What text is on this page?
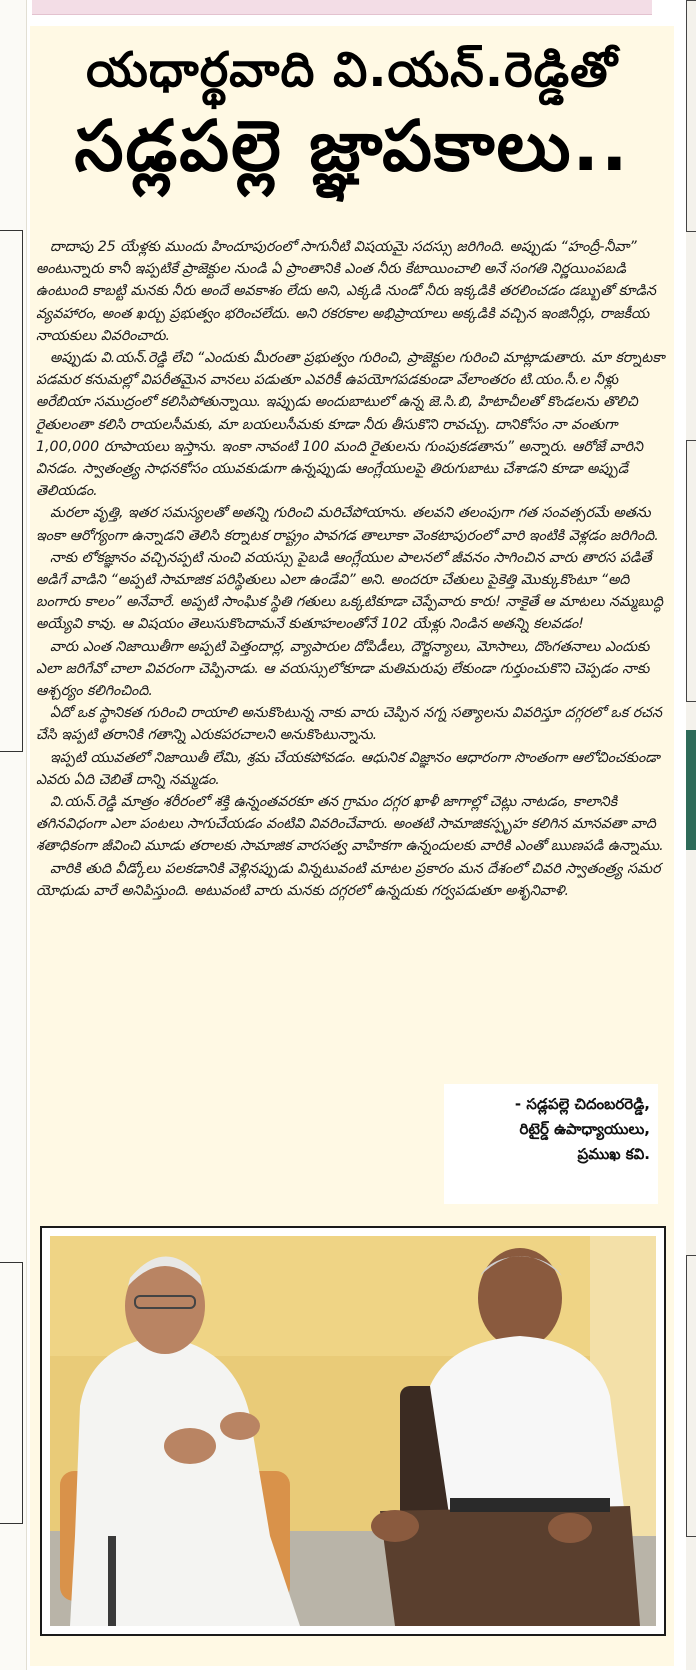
యధార్థవాది వి.యన్.రెడ్డితో
సడ్లపల్లె జ్ఞాపకాలు..

దాదాపు 25 యేళ్లకు ముందు హిందూపురంలో సాగునీటి విషయమై సదస్సు జరిగింది. అప్పుడు “హంద్రీ-నీవా” అంటున్నారు కానీ ఇప్పటికే ప్రాజెక్టుల నుండి ఏ ప్రాంతానికి ఎంత నీరు కేటాయించాలి అనే సంగతి నిర్ణయింపబడి ఉంటుంది కాబట్టి మనకు నీరు అందే అవకాశం లేదు అని, ఎక్కడి నుండో నీరు ఇక్కడికి తరలించడం డబ్బుతో కూడిన వ్యవహారం, అంత ఖర్చు ప్రభుత్వం భరించలేదు. అని రకరకాల అభిప్రాయాలు అక్కడికి వచ్చిన ఇంజినీర్లు, రాజకీయ నాయకులు వివరించారు.

అప్పుడు వి.యన్.రెడ్డి లేచి “ఎందుకు మీరంతా ప్రభుత్వం గురించి, ప్రాజెక్టుల గురించి మాట్లాడుతారు. మా కర్నాటకా పడమర కనుమల్లో విపరీతమైన వానలు పడుతూ ఎవరికీ ఉపయోగపడకుండా వేలాంతరం టి.యం.సీ.ల నీళ్లు అరేబియా సముద్రంలో కలిసిపోతున్నాయి. ఇప్పుడు అందుబాటులో ఉన్న జె.సి.బి, హిటాచీలతో కొండలను తొలిచి రైతులంతా కలిసి రాయలసీమకు, మా బయలుసీమకు కూడా నీరు తీసుకొని రావచ్చు. దానికోసం నా వంతుగా 1,00,000 రూపాయలు ఇస్తాను. ఇంకా నావంటి 100 మంది రైతులను గుంపుకడతాను” అన్నారు. ఆరోజే వారిని వినడం. స్వాతంత్ర్య సాధనకోసం యువకుడుగా ఉన్నప్పుడు ఆంగ్లేయులపై తిరుగుబాటు చేశాడని కూడా అప్పుడే తెలియడం.

మరలా వృత్తి, ఇతర సమస్యలతో అతన్ని గురించి మరిచేపోయాను. తలవని తలంపుగా గత సంవత్సరమే అతను ఇంకా ఆరోగ్యంగా ఉన్నాడని తెలిసి కర్నాటక రాష్ట్రం పావగడ తాలూకా వెంకటాపురంలో వారి ఇంటికి వెళ్లడం జరిగింది.

నాకు లోకజ్ఞానం వచ్చినప్పటి నుంచి వయస్సు పైబడి ఆంగ్లేయుల పాలనలో జీవనం సాగించిన వారు తారస పడితే అడిగే వాడిని “అప్పటి సామాజిక పరిస్థితులు ఎలా ఉండేవి” అని. అందరూ చేతులు పైకెత్తి మొక్కుకొంటూ “అది బంగారు కాలం” అనేవారే. అప్పటి సాంఘిక స్థితి గతులు ఒక్కటికూడా చెప్పేవారు కారు! నాకైతే ఆ మాటలు నమ్మబుద్ధి అయ్యేవి కావు. ఆ విషయం తెలుసుకొందామనే కుతూహలంతోనే 102 యేళ్లు నిండిన అతన్ని కలవడం!

వారు ఎంత నిజాయితీగా అప్పటి పెత్తందార్ల, వ్యాపారుల దోపిడీలు, దౌర్జన్యాలు, మోసాలు, దొంగతనాలు ఎందుకు ఎలా జరిగేవో చాలా వివరంగా చెప్పినాడు. ఆ వయస్సులోకూడా మతిమరుపు లేకుండా గుర్తుంచుకొని చెప్పడం నాకు ఆశ్చర్యం కలిగించింది.

ఏదో ఒక స్థానికత గురించి రాయాలి అనుకొంటున్న నాకు వారు చెప్పిన నగ్న సత్యాలను వివరిస్తూ దగ్గరలో ఒక రచన చేసి ఇప్పటి తరానికి గతాన్ని ఎరుకపరచాలని అనుకొంటున్నాను.

ఇప్పటి యువతలో నిజాయితీ లేమి, శ్రమ చేయకపోవడం. ఆధునిక విజ్ఞానం ఆధారంగా సొంతంగా ఆలోచించకుండా ఎవరు ఏది చెబితే దాన్ని నమ్మడం.

వి.యన్.రెడ్డి మాత్రం శరీరంలో శక్తి ఉన్నంతవరకూ తన గ్రామం దగ్గర ఖాళీ జాగాల్లో చెట్లు నాటడం, కాలానికి తగినవిధంగా ఎలా పంటలు సాగుచేయడం వంటివి వివరించేవారు. అంతటి సామాజికస్పృహ కలిగిన మానవతా వాది శతాధికంగా జీవించి మూడు తరాలకు సామాజిక వారసత్వ వాహికగా ఉన్నందులకు వారికి ఎంతో ఋణపడి ఉన్నాము.

వారికి తుది వీడ్కోలు పలకడానికి వెళ్లినప్పుడు విన్నటువంటి మాటల ప్రకారం మన దేశంలో చివరి స్వాతంత్ర్య సమర యోధుడు వారే అనిపిస్తుంది. అటువంటి వారు మనకు దగ్గరలో ఉన్నదుకు గర్వపడుతూ అశృనివాళి.

- సడ్లపల్లె చిదంబరరెడ్డి,
రిటైర్డ్ ఉపాధ్యాయులు,
ప్రముఖ కవి.
